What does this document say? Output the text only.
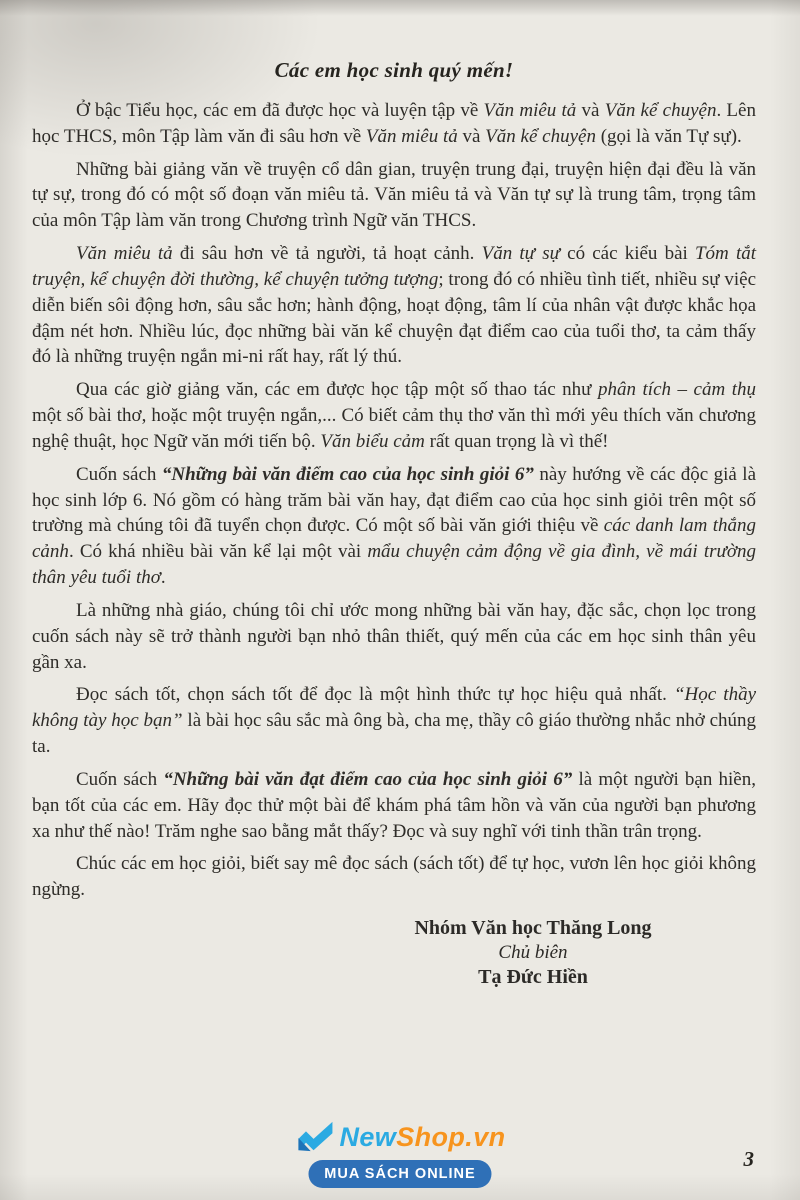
Các em học sinh quý mến!

Ở bậc Tiểu học, các em đã được học và luyện tập về Văn miêu tả và Văn kể chuyện. Lên học THCS, môn Tập làm văn đi sâu hơn về Văn miêu tả và Văn kể chuyện (gọi là văn Tự sự).

Những bài giảng văn về truyện cổ dân gian, truyện trung đại, truyện hiện đại đều là văn tự sự, trong đó có một số đoạn văn miêu tả. Văn miêu tả và Văn tự sự là trung tâm, trọng tâm của môn Tập làm văn trong Chương trình Ngữ văn THCS.

Văn miêu tả đi sâu hơn về tả người, tả hoạt cảnh. Văn tự sự có các kiểu bài Tóm tắt truyện, kể chuyện đời thường, kể chuyện tưởng tượng; trong đó có nhiều tình tiết, nhiều sự việc diễn biến sôi động hơn, sâu sắc hơn; hành động, hoạt động, tâm lí của nhân vật được khắc họa đậm nét hơn. Nhiều lúc, đọc những bài văn kể chuyện đạt điểm cao của tuổi thơ, ta cảm thấy đó là những truyện ngắn mi-ni rất hay, rất lý thú.

Qua các giờ giảng văn, các em được học tập một số thao tác như phân tích – cảm thụ một số bài thơ, hoặc một truyện ngắn,... Có biết cảm thụ thơ văn thì mới yêu thích văn chương nghệ thuật, học Ngữ văn mới tiến bộ. Văn biểu cảm rất quan trọng là vì thế!

Cuốn sách “Những bài văn điểm cao của học sinh giỏi 6” này hướng về các độc giả là học sinh lớp 6. Nó gồm có hàng trăm bài văn hay, đạt điểm cao của học sinh giỏi trên một số trường mà chúng tôi đã tuyển chọn được. Có một số bài văn giới thiệu về các danh lam thắng cảnh. Có khá nhiều bài văn kể lại một vài mẩu chuyện cảm động về gia đình, về mái trường thân yêu tuổi thơ.

Là những nhà giáo, chúng tôi chỉ ước mong những bài văn hay, đặc sắc, chọn lọc trong cuốn sách này sẽ trở thành người bạn nhỏ thân thiết, quý mến của các em học sinh thân yêu gần xa.

Đọc sách tốt, chọn sách tốt để đọc là một hình thức tự học hiệu quả nhất. “Học thầy không tày học bạn” là bài học sâu sắc mà ông bà, cha mẹ, thầy cô giáo thường nhắc nhở chúng ta.

Cuốn sách “Những bài văn đạt điểm cao của học sinh giỏi 6” là một người bạn hiền, bạn tốt của các em. Hãy đọc thử một bài để khám phá tâm hồn và văn của người bạn phương xa như thế nào! Trăm nghe sao bằng mắt thấy? Đọc và suy nghĩ với tinh thần trân trọng.

Chúc các em học giỏi, biết say mê đọc sách (sách tốt) để tự học, vươn lên học giỏi không ngừng.

Nhóm Văn học Thăng Long
Chủ biên
Tạ Đức Hiền
NewShop.vn
MUA SÁCH ONLINE
3
